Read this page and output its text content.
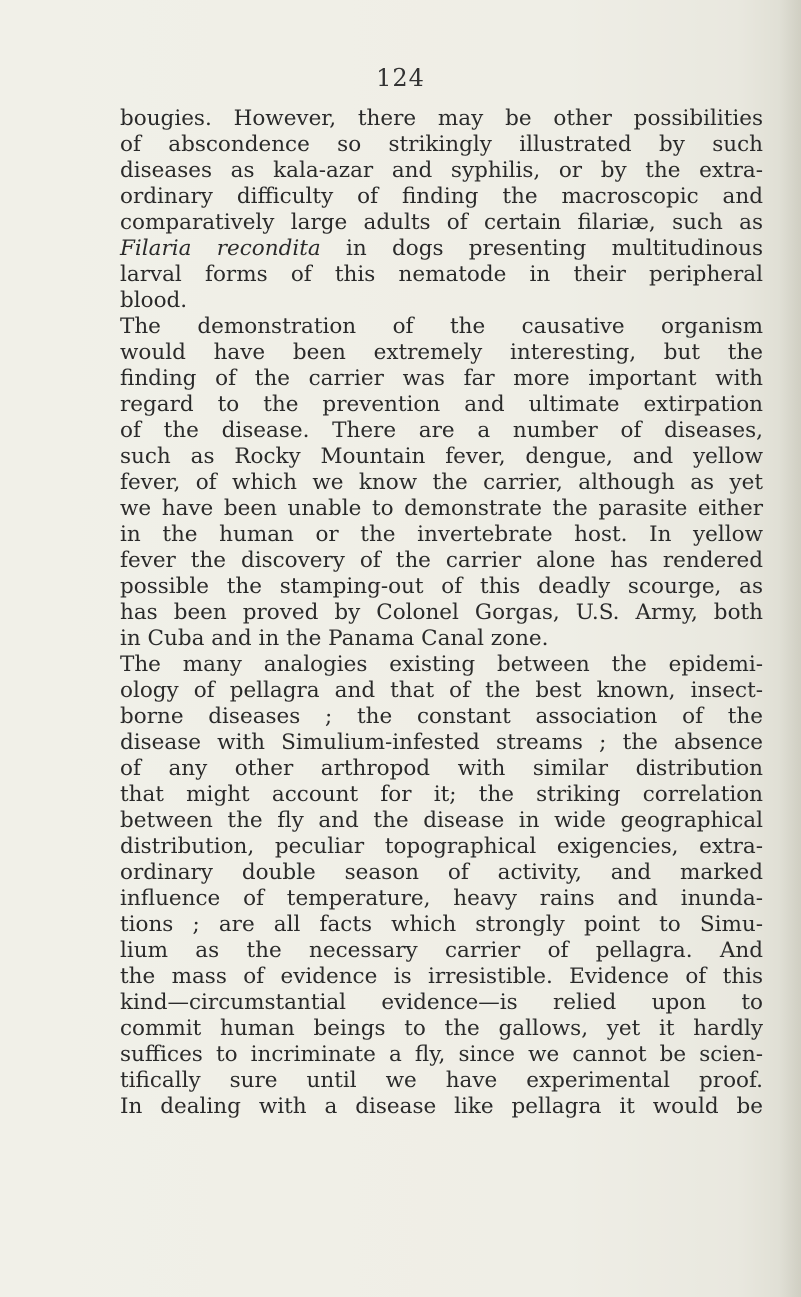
124
bougies. However, there may be other possibilities
of abscondence so strikingly illustrated by such
diseases as kala-azar and syphilis, or by the extra-
ordinary difficulty of finding the macroscopic and
comparatively large adults of certain filariæ, such as
Filaria recondita in dogs presenting multitudinous
larval forms of this nematode in their peripheral
blood.
The demonstration of the causative organism
would have been extremely interesting, but the
finding of the carrier was far more important with
regard to the prevention and ultimate extirpation
of the disease. There are a number of diseases,
such as Rocky Mountain fever, dengue, and yellow
fever, of which we know the carrier, although as yet
we have been unable to demonstrate the parasite either
in the human or the invertebrate host. In yellow
fever the discovery of the carrier alone has rendered
possible the stamping-out of this deadly scourge, as
has been proved by Colonel Gorgas, U.S. Army, both
in Cuba and in the Panama Canal zone.
The many analogies existing between the epidemi-
ology of pellagra and that of the best known, insect-
borne diseases ; the constant association of the
disease with Simulium-infested streams ; the absence
of any other arthropod with similar distribution
that might account for it; the striking correlation
between the fly and the disease in wide geographical
distribution, peculiar topographical exigencies, extra-
ordinary double season of activity, and marked
influence of temperature, heavy rains and inunda-
tions ; are all facts which strongly point to Simu-
lium as the necessary carrier of pellagra. And
the mass of evidence is irresistible. Evidence of this
kind—circumstantial evidence—is relied upon to
commit human beings to the gallows, yet it hardly
suffices to incriminate a fly, since we cannot be scien-
tifically sure until we have experimental proof.
In dealing with a disease like pellagra it would be
